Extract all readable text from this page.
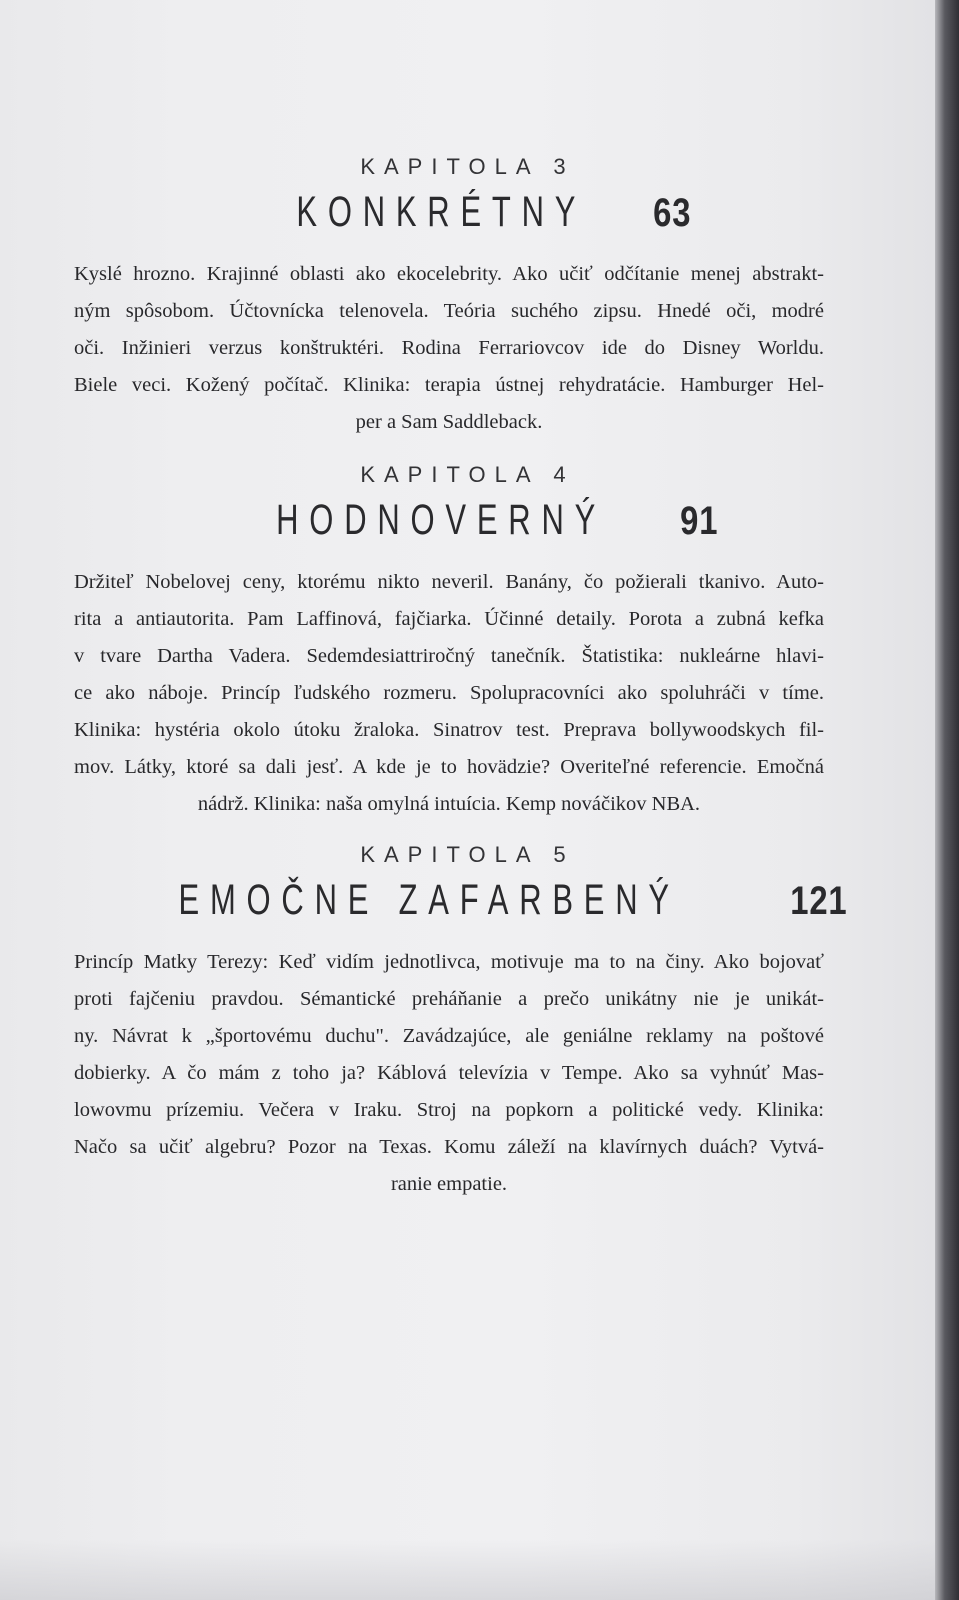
KAPITOLA 3
KONKRÉTNY 63
Kyslé hrozno. Krajinné oblasti ako ekocelebrity. Ako učiť odčítanie menej abstrakt-
ným spôsobom. Účtovnícka telenovela. Teória suchého zipsu. Hnedé oči, modré
oči. Inžinieri verzus konštruktéri. Rodina Ferrariovcov ide do Disney Worldu.
Biele veci. Kožený počítač. Klinika: terapia ústnej rehydratácie. Hamburger Hel-
per a Sam Saddleback.
KAPITOLA 4
HODNOVERNÝ 91
Držiteľ Nobelovej ceny, ktorému nikto neveril. Banány, čo požierali tkanivo. Auto-
rita a antiautorita. Pam Laffinová, fajčiarka. Účinné detaily. Porota a zubná kefka
v tvare Dartha Vadera. Sedemdesiattriročný tanečník. Štatistika: nukleárne hlavi-
ce ako náboje. Princíp ľudského rozmeru. Spolupracovníci ako spoluhráči v tíme.
Klinika: hystéria okolo útoku žraloka. Sinatrov test. Preprava bollywoodskych fil-
mov. Látky, ktoré sa dali jesť. A kde je to hovädzie? Overiteľné referencie. Emočná
nádrž. Klinika: naša omylná intuícia. Kemp nováčikov NBA.
KAPITOLA 5
EMOČNE ZAFARBENÝ	121
Princíp Matky Terezy: Keď vidím jednotlivca, motivuje ma to na činy. Ako bojovať
proti fajčeniu pravdou. Sémantické preháňanie a prečo unikátny nie je unikát-
ny. Návrat k „športovému duchu". Zavádzajúce, ale geniálne reklamy na poštové
dobierky. A čo mám z toho ja? Káblová televízia v Tempe. Ako sa vyhnúť Mas-
lowovmu prízemiu. Večera v Iraku. Stroj na popkorn a politické vedy. Klinika:
Načo sa učiť algebru? Pozor na Texas. Komu záleží na klavírnych duách? Vytvá-
ranie empatie.
